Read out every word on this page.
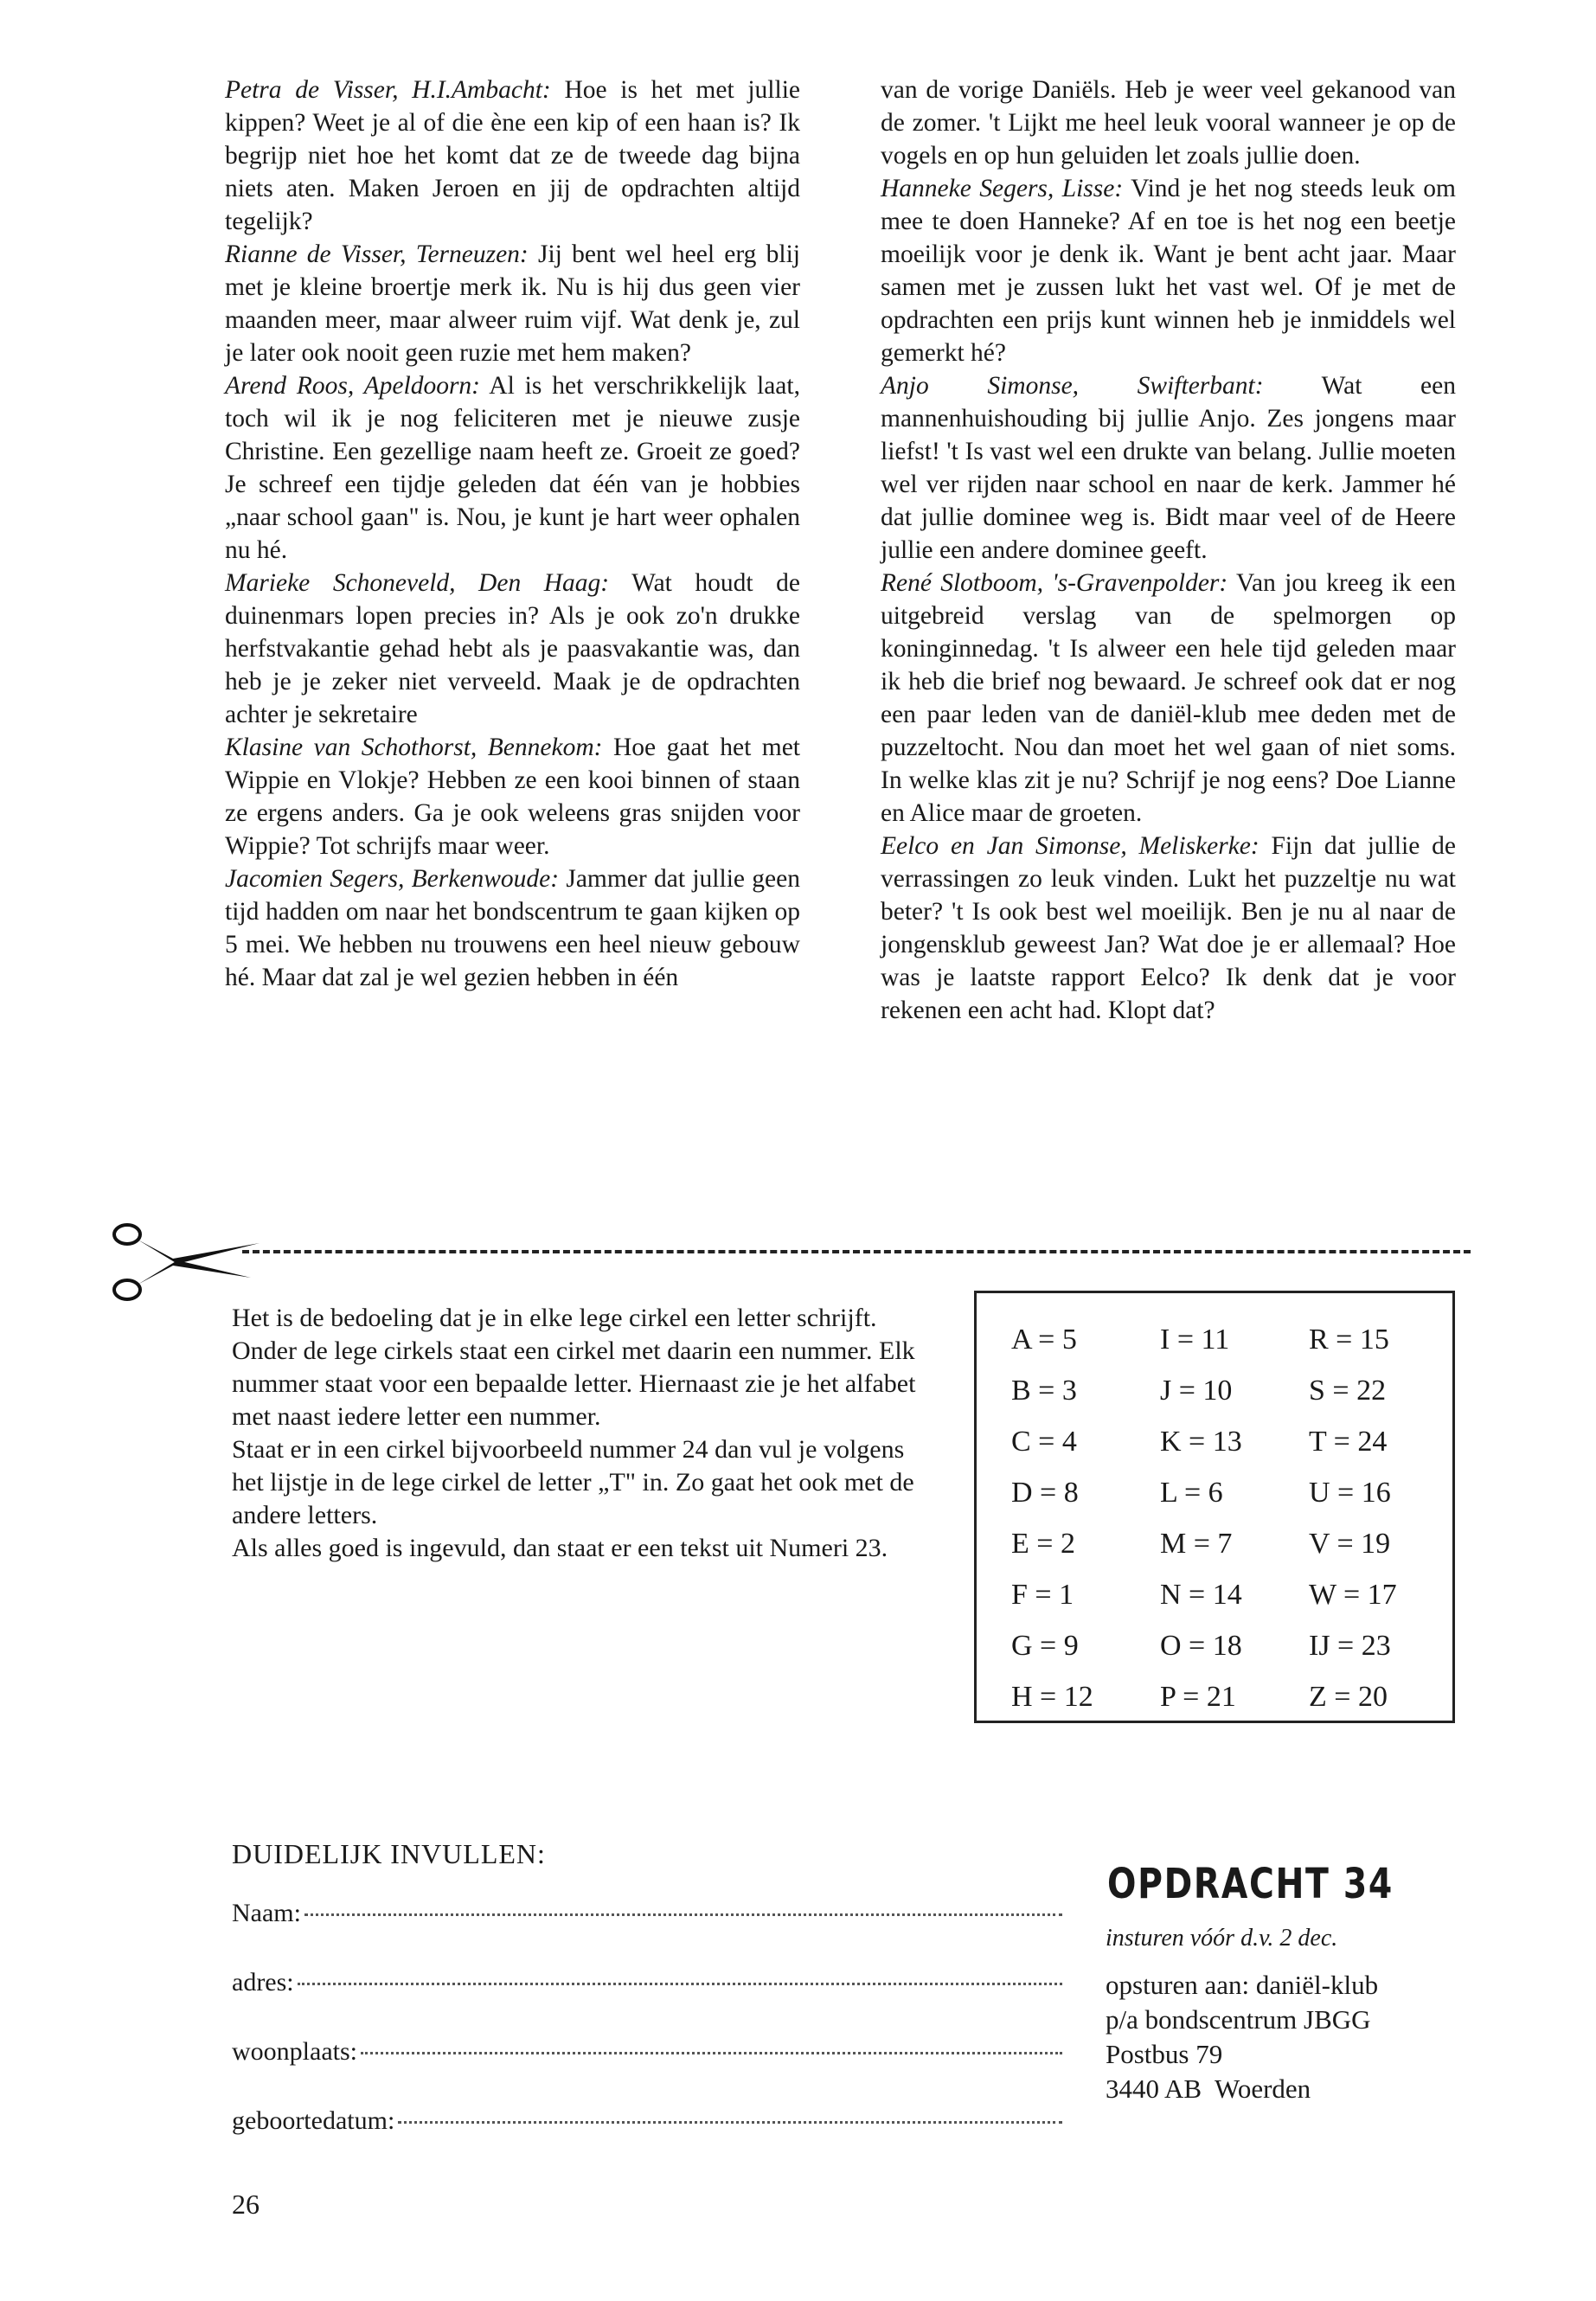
Petra de Visser, H.I.Ambacht: Hoe is het met jullie kippen? Weet je al of die ène een kip of een haan is? Ik begrijp niet hoe het komt dat ze de tweede dag bijna niets aten. Maken Jeroen en jij de opdrachten altijd tegelijk?

Rianne de Visser, Terneuzen: Jij bent wel heel erg blij met je kleine broertje merk ik. Nu is hij dus geen vier maanden meer, maar alweer ruim vijf. Wat denk je, zul je later ook nooit geen ruzie met hem maken?

Arend Roos, Apeldoorn: Al is het verschrikkelijk laat, toch wil ik je nog feliciteren met je nieuwe zusje Christine. Een gezellige naam heeft ze. Groeit ze goed? Je schreef een tijdje geleden dat één van je hobbies „naar school gaan" is. Nou, je kunt je hart weer ophalen nu hé.

Marieke Schoneveld, Den Haag: Wat houdt de duinenmars lopen precies in? Als je ook zo'n drukke herfstvakantie gehad hebt als je paasvakantie was, dan heb je je zeker niet verveeld. Maak je de opdrachten achter je sekretaire

Klasine van Schothorst, Bennekom: Hoe gaat het met Wippie en Vlokje? Hebben ze een kooi binnen of staan ze ergens anders. Ga je ook weleens gras snijden voor Wippie? Tot schrijfs maar weer.

Jacomien Segers, Berkenwoude: Jammer dat jullie geen tijd hadden om naar het bondscentrum te gaan kijken op 5 mei. We hebben nu trouwens een heel nieuw gebouw hé. Maar dat zal je wel gezien hebben in één

van de vorige Daniëls. Heb je weer veel gekanood van de zomer. 't Lijkt me heel leuk vooral wanneer je op de vogels en op hun geluiden let zoals jullie doen.

Hanneke Segers, Lisse: Vind je het nog steeds leuk om mee te doen Hanneke? Af en toe is het nog een beetje moeilijk voor je denk ik. Want je bent acht jaar. Maar samen met je zussen lukt het vast wel. Of je met de opdrachten een prijs kunt winnen heb je inmiddels wel gemerkt hé?

Anjo Simonse, Swifterbant: Wat een mannenhuishouding bij jullie Anjo. Zes jongens maar liefst! 't Is vast wel een drukte van belang. Jullie moeten wel ver rijden naar school en naar de kerk. Jammer hé dat jullie dominee weg is. Bidt maar veel of de Heere jullie een andere dominee geeft.

René Slotboom, 's-Gravenpolder: Van jou kreeg ik een uitgebreid verslag van de spelmorgen op koninginnedag. 't Is alweer een hele tijd geleden maar ik heb die brief nog bewaard. Je schreef ook dat er nog een paar leden van de daniël-klub mee deden met de puzzeltocht. Nou dan moet het wel gaan of niet soms. In welke klas zit je nu? Schrijf je nog eens? Doe Lianne en Alice maar de groeten.

Eelco en Jan Simonse, Meliskerke: Fijn dat jullie de verrassingen zo leuk vinden. Lukt het puzzeltje nu wat beter? 't Is ook best wel moeilijk. Ben je nu al naar de jongensklub geweest Jan? Wat doe je er allemaal? Hoe was je laatste rapport Eelco? Ik denk dat je voor rekenen een acht had. Klopt dat?

Het is de bedoeling dat je in elke lege cirkel een letter schrijft. Onder de lege cirkels staat een cirkel met daarin een nummer. Elk nummer staat voor een bepaalde letter. Hiernaast zie je het alfabet met naast iedere letter een nummer.

Staat er in een cirkel bijvoorbeeld nummer 24 dan vul je volgens het lijstje in de lege cirkel de letter „T" in. Zo gaat het ook met de andere letters.

Als alles goed is ingevuld, dan staat er een tekst uit Numeri 23.

A = 5	I = 11	R = 15
B = 3	J = 10	S = 22
C = 4	K = 13	T = 24
D = 8	L = 6	U = 16
E = 2	M = 7	V = 19
F = 1	N = 14	W = 17
G = 9	O = 18	IJ = 23
H = 12	P = 21	Z = 20
DUIDELIJK INVULLEN:
Naam:
adres:
woonplaats:
geboortedatum:
OPDRACHT 34
insturen vóór d.v. 2 dec.
opsturen aan: daniël-klub
p/a bondscentrum JBGG
Postbus 79
3440 AB  Woerden
26
